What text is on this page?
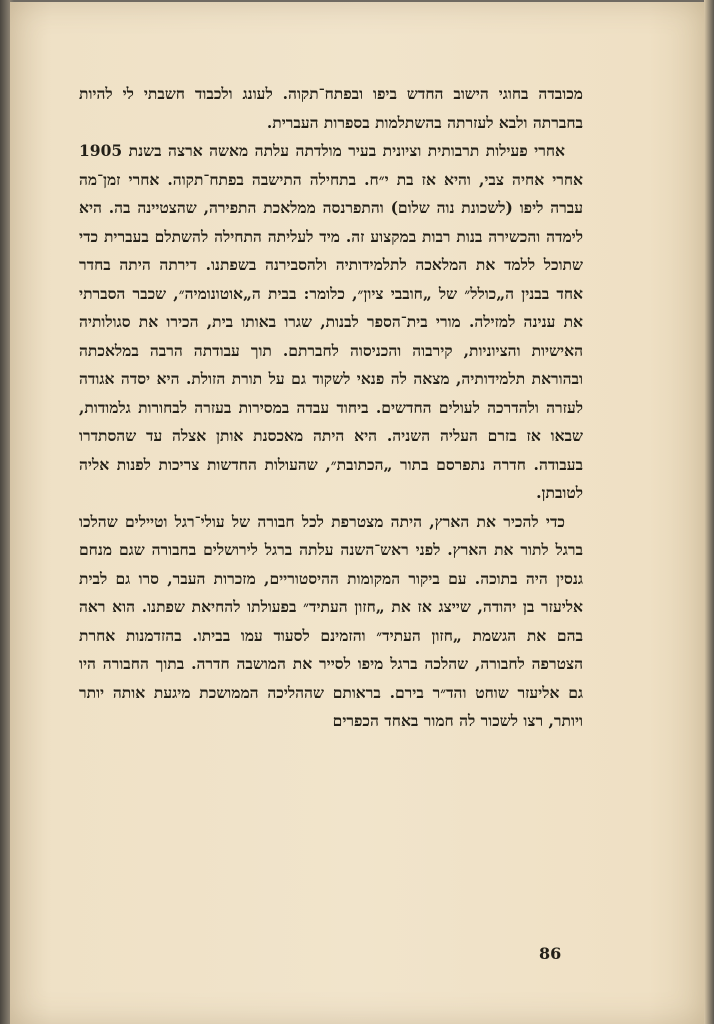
מכובדה בחוגי הישוב החדש ביפו ובפתח־תקוה. לעונג ולכבוד חשבתי לי להיות בחברתה ולבא לעזרתה בהשתלמות בספרות העברית.

אחרי פעילות תרבותית וציונית בעיר מולדתה עלתה מאשה ארצה בשנת 1905 אחרי אחיה צבי, והיא אז בת י״ח. בתחילה התישבה בפתח־תקוה. אחרי זמן־מה עברה ליפו (לשכונת נוה שלום) והתפרנסה ממלאכת התפירה, שהצטיינה בה. היא לימדה והכשירה בנות רבות במקצוע זה. מיד לעליתה התחילה להשתלם בעברית כדי שתוכל ללמד את המלאכה לתלמידותיה ולהסבירנה בשפתנו. דירתה היתה בחדר אחד בבנין ה„כולל״ של „חובבי ציון״, כלומר: בבית ה„אוטונומיה״, שכבר הסברתי את ענינה למזילה. מורי בית־הספר לבנות, שגרו באותו בית, הכירו את סגולותיה האישיות והציוניות, קירבוה והכניסוה לחברתם. תוך עבודתה הרבה במלאכתה ובהוראת תלמידותיה, מצאה לה פנאי לשקוד גם על תורת הזולת. היא יסדה אגודה לעזרה ולהדרכה לעולים החדשים. ביחוד עבדה במסירות בעזרה לבחורות גלמודות, שבאו אז בזרם העליה השניה. היא היתה מאכסנת אותן אצלה עד שהסתדרו בעבודה. חדרה נתפרסם בתור „הכתובת״, שהעולות החדשות צריכות לפנות אליה לטובתן.

כדי להכיר את הארץ, היתה מצטרפת לכל חבורה של עולי־רגל וטיילים שהלכו ברגל לתור את הארץ. לפני ראש־השנה עלתה ברגל לירושלים בחבורה שגם מנחם גנסין היה בתוכה. עם ביקור המקומות ההיסטוריים, מזכרות העבר, סרו גם לבית אליעזר בן יהודה, שייצג אז את „חזון העתיד״ בפעולתו להחיאת שפתנו. הוא ראה בהם את הגשמת „חזון העתיד״ והזמינם לסעוד עמו בביתו. בהזדמנות אחרת הצטרפה לחבורה, שהלכה ברגל מיפו לסייר את המושבה חדרה. בתוך החבורה היו גם אליעזר שוחט והד״ר בירם. בראותם שההליכה הממושכת מיגעת אותה יותר ויותר, רצו לשכור לה חמור באחד הכפרים

86
